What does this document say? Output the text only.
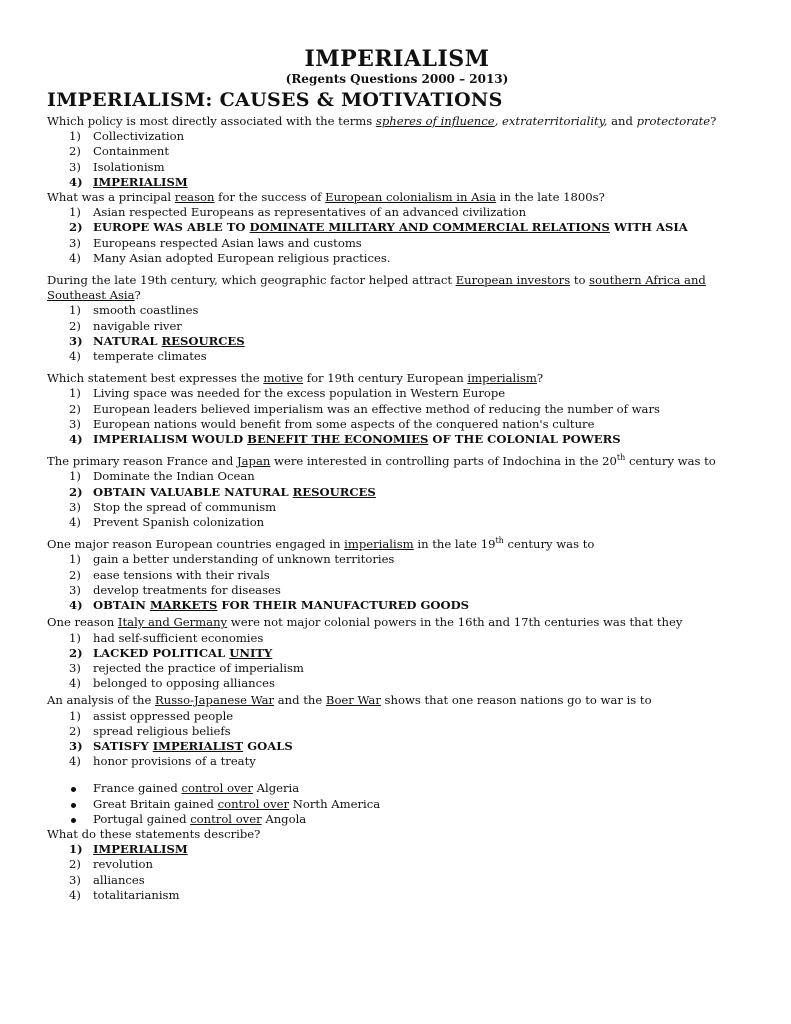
IMPERIALISM
(Regents Questions 2000 – 2013)
IMPERIALISM: CAUSES & MOTIVATIONS

Which policy is most directly associated with the terms spheres of influence, extraterritoriality, and protectorate?

1)	Collectivization
2)	Containment
3)	Isolationism
4) IMPERIALISM

What was a principal reason for the success of European colonialism in Asia in the late 1800s?

1)	Asian respected Europeans as representatives of an advanced civilization
2) EUROPE WAS ABLE TO DOMINATE MILITARY AND COMMERCIAL RELATIONS WITH ASIA
3)	Europeans respected Asian laws and customs
4)	Many Asian adopted European religious practices.

During the late 19th century, which geographic factor helped attract European investors to southern Africa and Southeast Asia?

1)	smooth coastlines
2)	navigable river
3) NATURAL RESOURCES
4)	temperate climates

Which statement best expresses the motive for 19th century European imperialism?

1)	Living space was needed for the excess population in Western Europe
2)	European leaders believed imperialism was an effective method of reducing the number of wars
3)	European nations would benefit from some aspects of the conquered nation's culture
4) IMPERIALISM WOULD BENEFIT THE ECONOMIES OF THE COLONIAL POWERS

The primary reason France and Japan were interested in controlling parts of Indochina in the 20th century was to

1)	Dominate the Indian Ocean
2) OBTAIN VALUABLE NATURAL RESOURCES
3)	Stop the spread of communism
4)	Prevent Spanish colonization

One major reason European countries engaged in imperialism in the late 19th century was to

1)	gain a better understanding of unknown territories
2)	ease tensions with their rivals
3)	develop treatments for diseases
4) OBTAIN MARKETS FOR THEIR MANUFACTURED GOODS

One reason Italy and Germany were not major colonial powers in the 16th and 17th centuries was that they

1)	had self-sufficient economies
2) LACKED POLITICAL UNITY
3)	rejected the practice of imperialism
4)	belonged to opposing alliances

An analysis of the Russo-Japanese War and the Boer War shows that one reason nations go to war is to

1)	assist oppressed people
2)	spread religious beliefs
3) SATISFY IMPERIALIST GOALS
4)	honor provisions of a treaty
France gained control over Algeria
Great Britain gained control over North America
Portugal gained control over Angola

What do these statements describe?

1) IMPERIALISM
2)	revolution
3)	alliances
4)	totalitarianism
